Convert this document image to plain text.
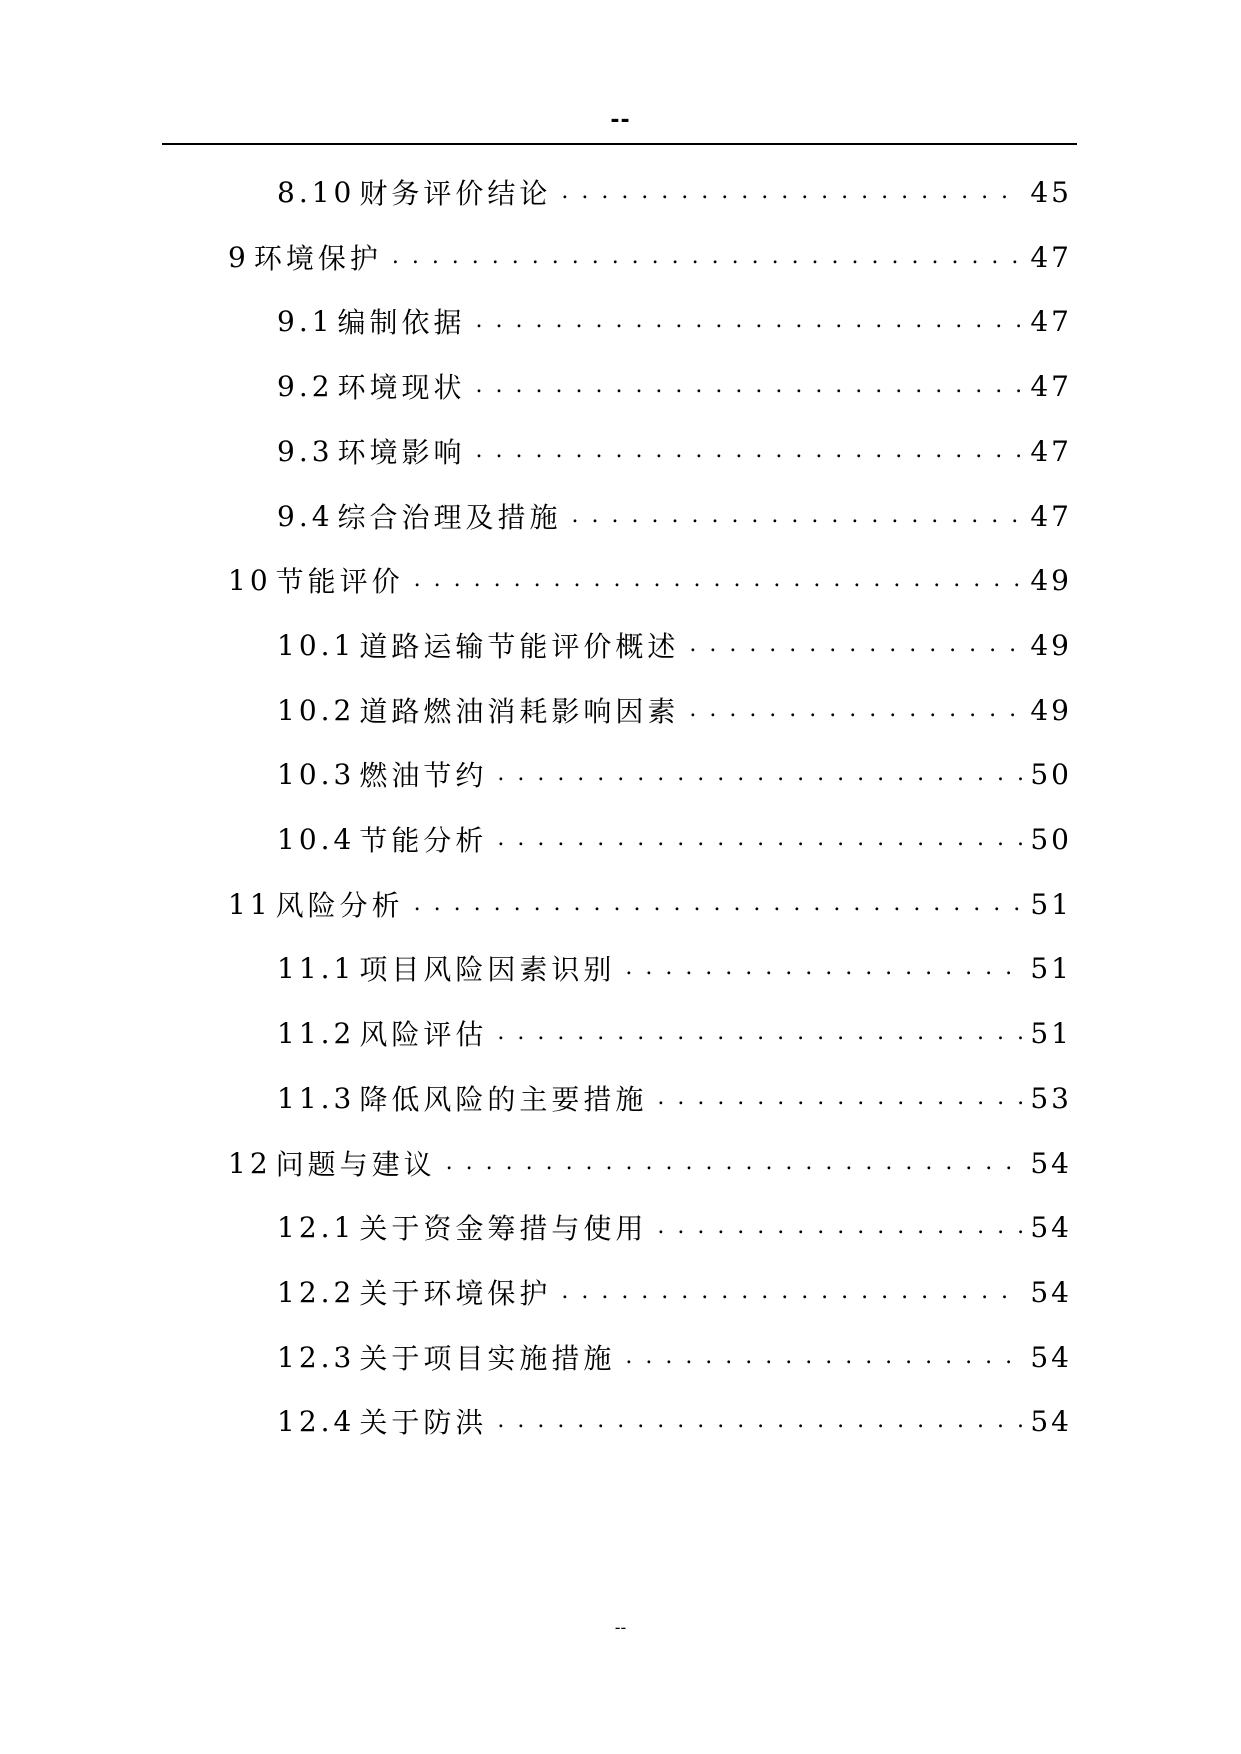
--
8.10 财务评价结论 . . .	45
9 环境保护 . . .	47
9.1 编制依据 . . .	47
9.2 环境现状 . . .	47
9.3 环境影响 . . .	47
9.4 综合治理及措施 . . .	47
10 节能评价 . . .	49
10.1 道路运输节能评价概述 . . .	49
10.2 道路燃油消耗影响因素 . . .	49
10.3 燃油节约 . . .	50
10.4 节能分析 . . .	50
11 风险分析 . . .	51
11.1 项目风险因素识别 . . .	51
11.2 风险评估 . . .	51
11.3 降低风险的主要措施 . . .	53
12 问题与建议 . . .	54
12.1 关于资金筹措与使用 . . .	54
12.2 关于环境保护 . . .	54
12.3 关于项目实施措施 . . .	54
12.4 关于防洪 . . .	54
--
